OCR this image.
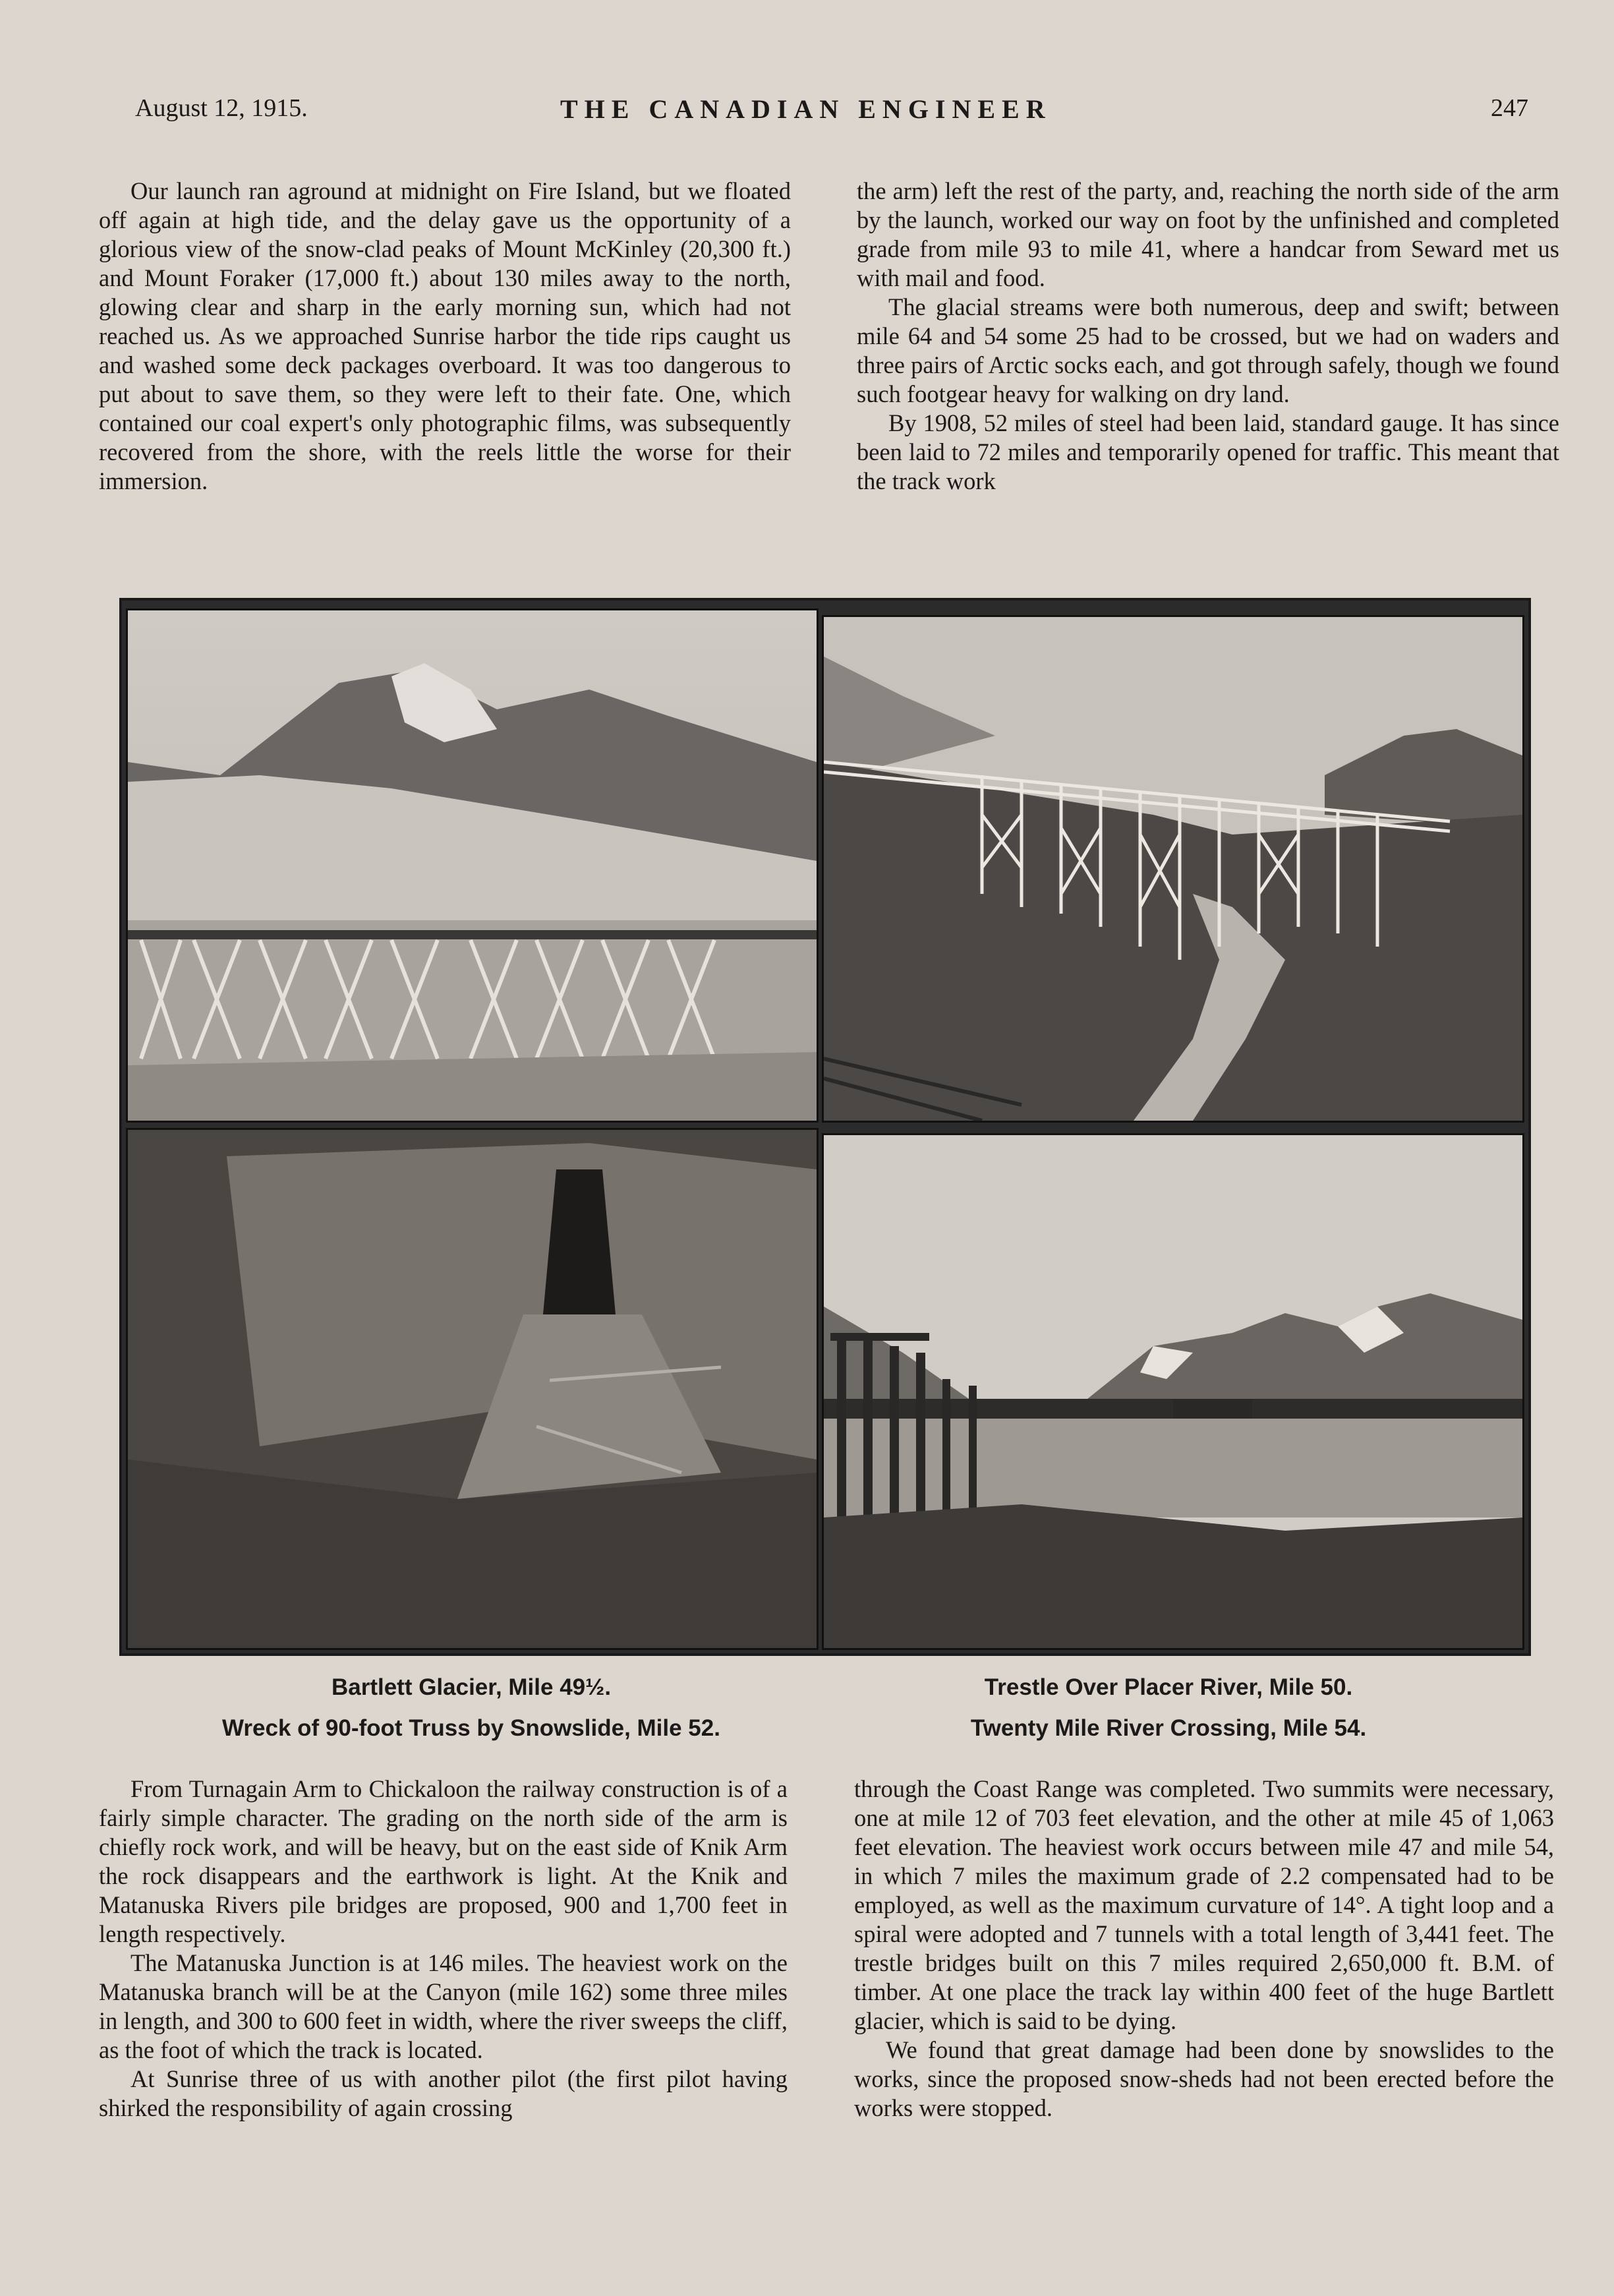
August 12, 1915.	THE CANADIAN ENGINEER	247

Our launch ran aground at midnight on Fire Island, but we floated off again at high tide, and the delay gave us the opportunity of a glorious view of the snow-clad peaks of Mount McKinley (20,300 ft.) and Mount Foraker (17,000 ft.) about 130 miles away to the north, glowing clear and sharp in the early morning sun, which had not reached us. As we approached Sunrise harbor the tide rips caught us and washed some deck packages overboard. It was too dangerous to put about to save them, so they were left to their fate. One, which contained our coal expert's only photographic films, was subsequently recovered from the shore, with the reels little the worse for their immersion.

the arm) left the rest of the party, and, reaching the north side of the arm by the launch, worked our way on foot by the unfinished and completed grade from mile 93 to mile 41, where a handcar from Seward met us with mail and food.

The glacial streams were both numerous, deep and swift; between mile 64 and 54 some 25 had to be crossed, but we had on waders and three pairs of Arctic socks each, and got through safely, though we found such footgear heavy for walking on dry land.

By 1908, 52 miles of steel had been laid, standard gauge. It has since been laid to 72 miles and temporarily opened for traffic. This meant that the track work

Bartlett Glacier, Mile 49½.
Wreck of 90-foot Truss by Snowslide, Mile 52.
Trestle Over Placer River, Mile 50.
Twenty Mile River Crossing, Mile 54.

From Turnagain Arm to Chickaloon the railway construction is of a fairly simple character. The grading on the north side of the arm is chiefly rock work, and will be heavy, but on the east side of Knik Arm the rock disappears and the earthwork is light. At the Knik and Matanuska Rivers pile bridges are proposed, 900 and 1,700 feet in length respectively.

The Matanuska Junction is at 146 miles. The heaviest work on the Matanuska branch will be at the Canyon (mile 162) some three miles in length, and 300 to 600 feet in width, where the river sweeps the cliff, as the foot of which the track is located.

At Sunrise three of us with another pilot (the first pilot having shirked the responsibility of again crossing

through the Coast Range was completed. Two summits were necessary, one at mile 12 of 703 feet elevation, and the other at mile 45 of 1,063 feet elevation. The heaviest work occurs between mile 47 and mile 54, in which 7 miles the maximum grade of 2.2 compensated had to be employed, as well as the maximum curvature of 14°. A tight loop and a spiral were adopted and 7 tunnels with a total length of 3,441 feet. The trestle bridges built on this 7 miles required 2,650,000 ft. B.M. of timber. At one place the track lay within 400 feet of the huge Bartlett glacier, which is said to be dying.

We found that great damage had been done by snowslides to the works, since the proposed snow-sheds had not been erected before the works were stopped.
